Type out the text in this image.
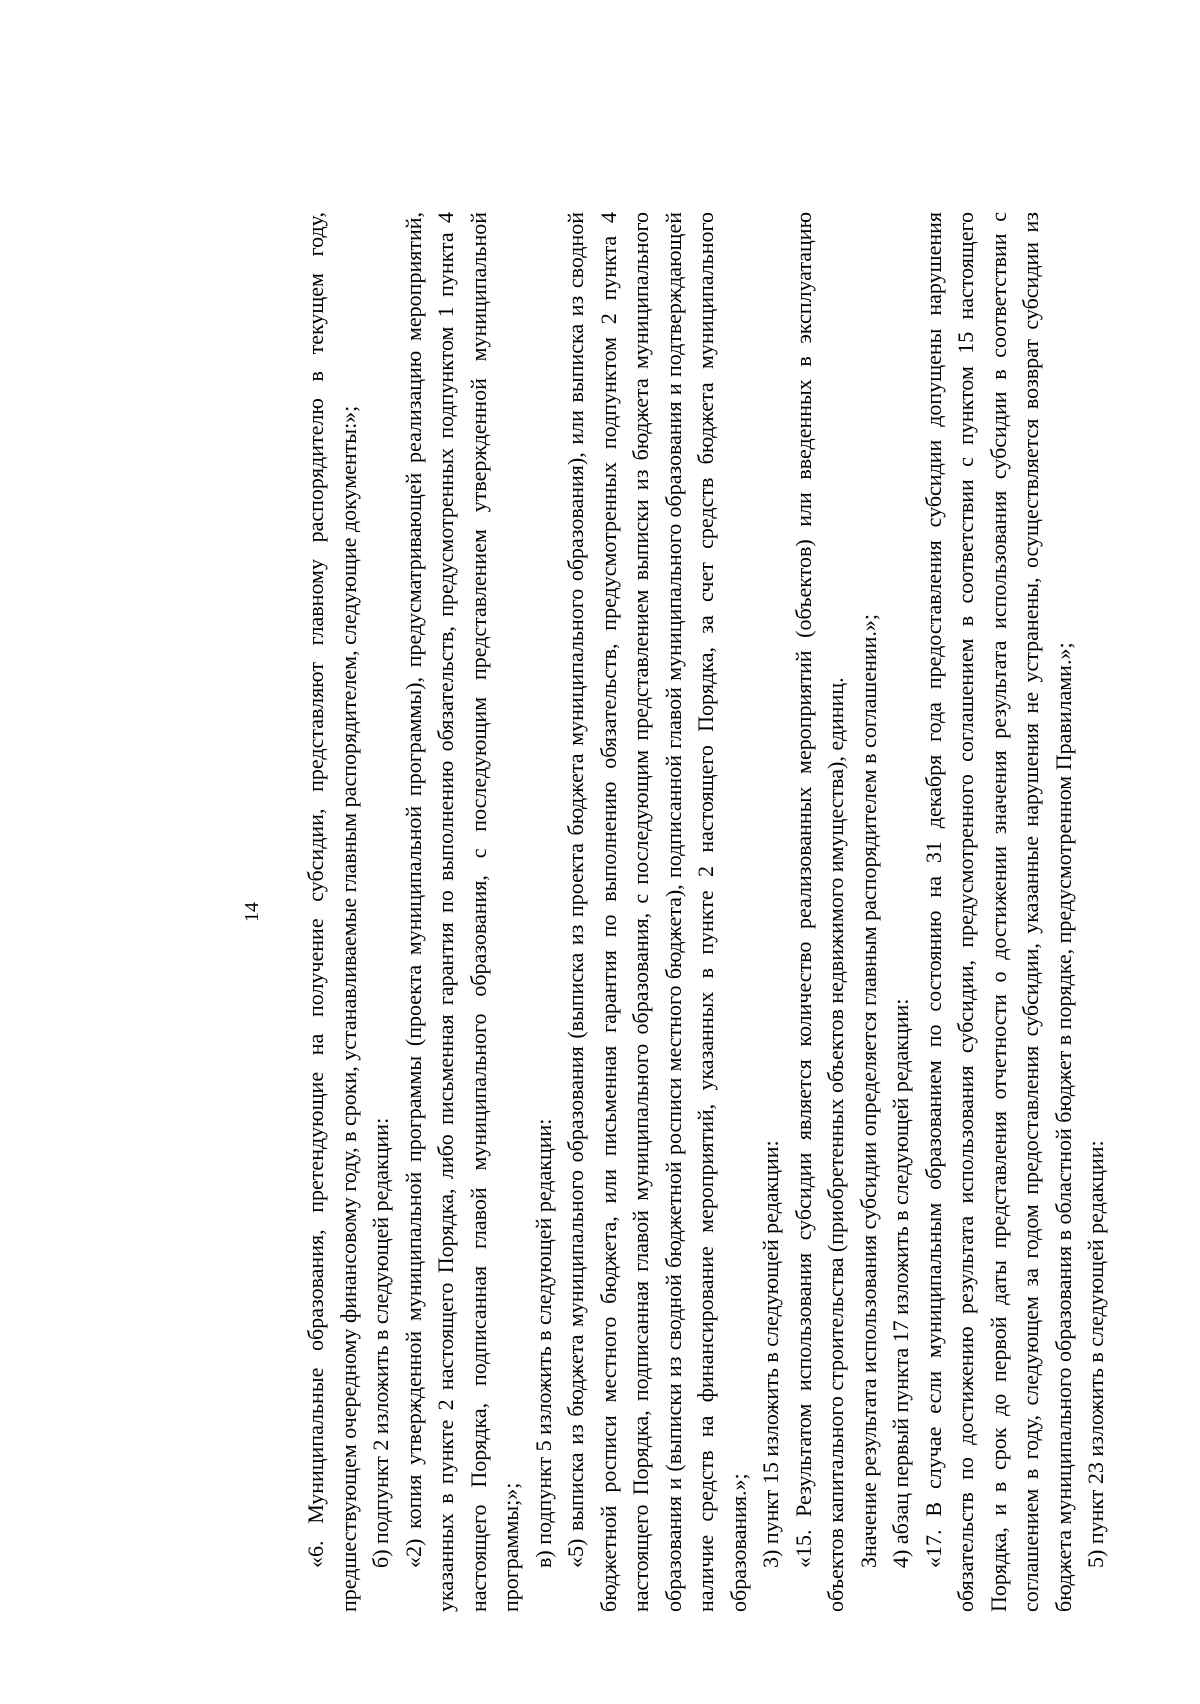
14 «6. Муниципальные образования, претендующие на получение субсидии, представляют главному распорядителю в текущем году, предшествующем очередному финансовому году, в сроки, устанавливаемые главным распорядителем, следующие документы:»; б) подпункт 2 изложить в следующей редакции: «2) копия утвержденной муниципальной программы (проекта муниципальной программы), предусматривающей реализацию мероприятий, указанных в пункте 2 настоящего Порядка, либо письменная гарантия по выполнению обязательств, предусмотренных подпунктом 1 пункта 4 настоящего Порядка, подписанная главой муниципального образования, с последующим представлением утвержденной муниципальной программы;»; в) подпункт 5 изложить в следующей редакции: «5) выписка из бюджета муниципального образования (выписка из проекта бюджета муниципального образования), или выписка из сводной бюджетной росписи местного бюджета, или письменная гарантия по выполнению обязательств, предусмотренных подпунктом 2 пункта 4 настоящего Порядка, подписанная главой муниципального образования, с последующим представлением выписки из бюджета муниципального образования и (выписки из сводной бюджетной росписи местного бюджета), подписанной главой муниципального образования и подтверждающей наличие средств на финансирование мероприятий, указанных в пункте 2 настоящего Порядка, за счет средств бюджета муниципального образования.»; 3) пункт 15 изложить в следующей редакции: «15. Результатом использования субсидии является количество реализованных мероприятий (объектов) или введенных в эксплуатацию объектов капитального строительства (приобретенных объектов недвижимого имущества), единиц. Значение результата использования субсидии определяется главным распорядителем в соглашении.»; 4) абзац первый пункта 17 изложить в следующей редакции: «17. В случае если муниципальным образованием по состоянию на 31 декабря года предоставления субсидии допущены нарушения обязательств по достижению результата использования субсидии, предусмотренного соглашением в соответствии с пунктом 15 настоящего Порядка, и в срок до первой даты представления отчетности о достижении значения результата использования субсидии в соответствии с соглашением в году, следующем за годом предоставления субсидии, указанные нарушения не устранены, осуществляется возврат субсидии из бюджета муниципального образования в областной бюджет в порядке, предусмотренном Правилами.»; 5) пункт 23 изложить в следующей редакции:
